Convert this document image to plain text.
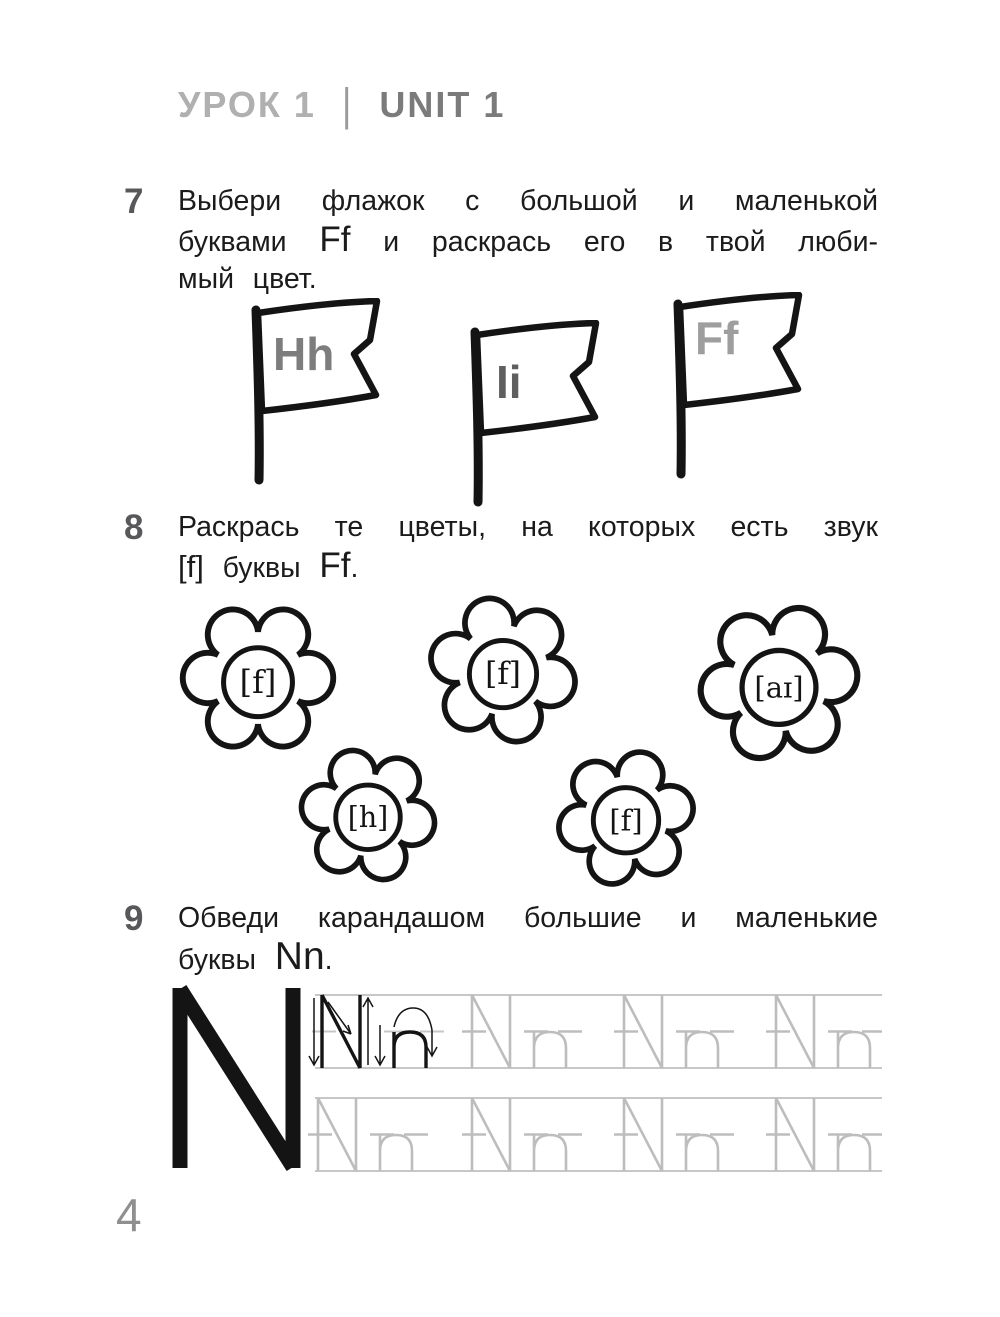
УРОК 1 | UNIT 1
7	Выбери флажок с большой и маленькой
буквами Ff и раскрась его в твой люби-
мый цвет.
Hh
Ii
Ff
8	Раскрась те цветы, на которых есть звук
[f] буквы Ff.
[f]	[f]	[aɪ]
[h]	[f]
9	Обведи карандашом большие и маленькие
буквы Nn.
4
